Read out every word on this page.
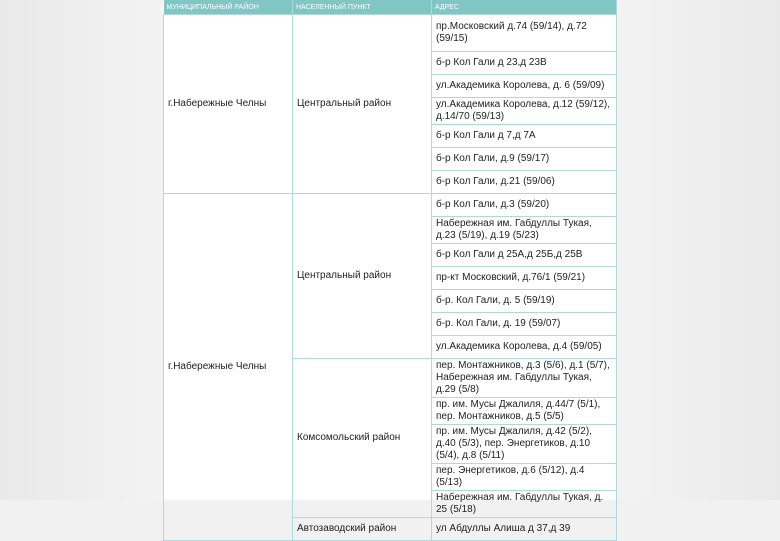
МУНИЦИПАЛЬНЫЙ РАЙОН	НАСЕЛЕННЫЙ ПУНКТ	АДРЕС
г.Набережные Челны	Центральный район	пр.Московский д.74 (59/14), д.72 (59/15)
		б-р Кол Гали д 23,д 23В
		ул.Академика Королева, д. 6 (59/09)
		ул.Академика Королева, д.12 (59/12), д.14/70 (59/13)
		б-р Кол Гали д 7,д 7А
		б-р Кол Гали, д.9 (59/17)
		б-р Кол Гали, д.21 (59/06)
г.Набережные Челны	Центральный район	б-р Кол Гали, д.3 (59/20)
		Набережная им. Габдуллы Тукая, д.23 (5/19), д.19 (5/23)
		б-р Кол Гали д 25А,д 25Б,д 25В
		пр-кт Московский, д.76/1 (59/21)
		б-р. Кол Гали, д. 5 (59/19)
		б-р. Кол Гали, д. 19 (59/07)
		ул.Академика Королева, д.4 (59/05)
	Комсомольский район	пер. Монтажников, д.3 (5/6), д.1 (5/7), Набережная им. Габдуллы Тукая, д.29 (5/8)
		пр. им. Мусы Джалиля, д.44/7 (5/1), пер. Монтажников, д.5 (5/5)
		пр. им. Мусы Джалиля, д.42 (5/2), д.40 (5/3), пер. Энергетиков, д.10 (5/4), д.8 (5/11)
		пер. Энергетиков, д.6 (5/12), д.4 (5/13)
		Набережная им. Габдуллы Тукая, д. 25 (5/18)
	Автозаводский район	ул Абдуллы Алиша д 37,д 39
